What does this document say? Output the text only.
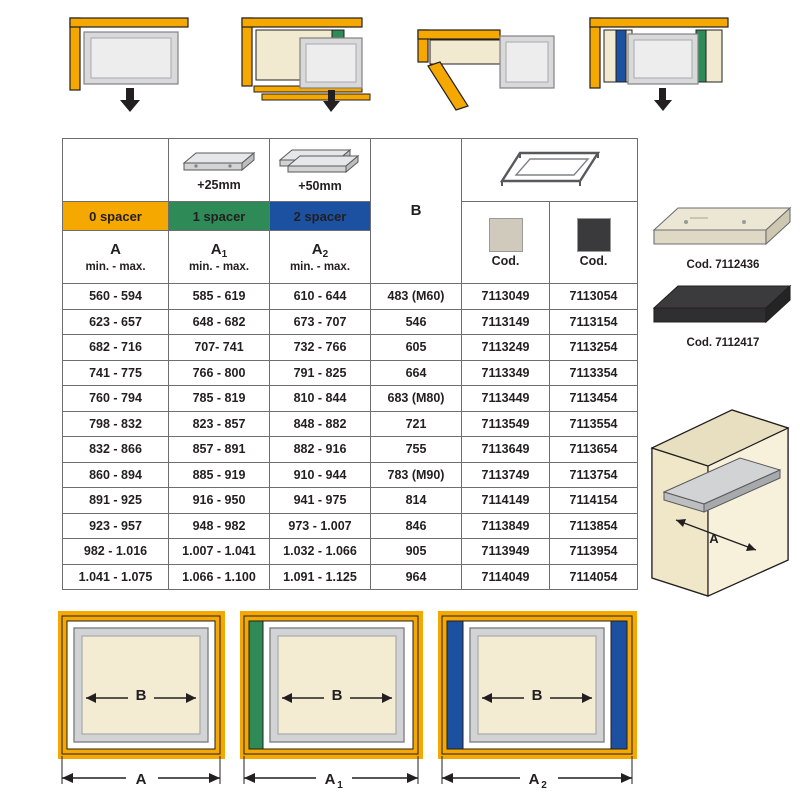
	+25mm	+50mm	B

0 spacer	1 spacer	2 spacer		Cod.	Cod.

A
min. - max.

$A_1$
min. - max.

$A_2$
min. - max.

560 - 594	585 - 619	610 - 644	483 (M60)	7113049	7113054
623 - 657	648 - 682	673 - 707	546	7113149	7113154
682 - 716	707- 741	732 - 766	605	7113249	7113254
741 - 775	766 - 800	791 - 825	664	7113349	7113354
760 - 794	785 - 819	810 - 844	683 (M80)	7113449	7113454
798 - 832	823 - 857	848 - 882	721	7113549	7113554
832 - 866	857 - 891	882 - 916	755	7113649	7113654
860 - 894	885 - 919	910 - 944	783 (M90)	7113749	7113754
891 - 925	916 - 950	941 - 975	814	7114149	7114154
923 - 957	948 - 982	973 - 1.007	846	7113849	7113854
982 - 1.016	1.007 - 1.041	1.032 - 1.066	905	7113949	7113954
1.041 - 1.075	1.066 - 1.100	1.091 - 1.125	964	7114049	7114054
Cod. 7112436
Cod. 7112417
A
B
A
B
A 1
B
A 2
